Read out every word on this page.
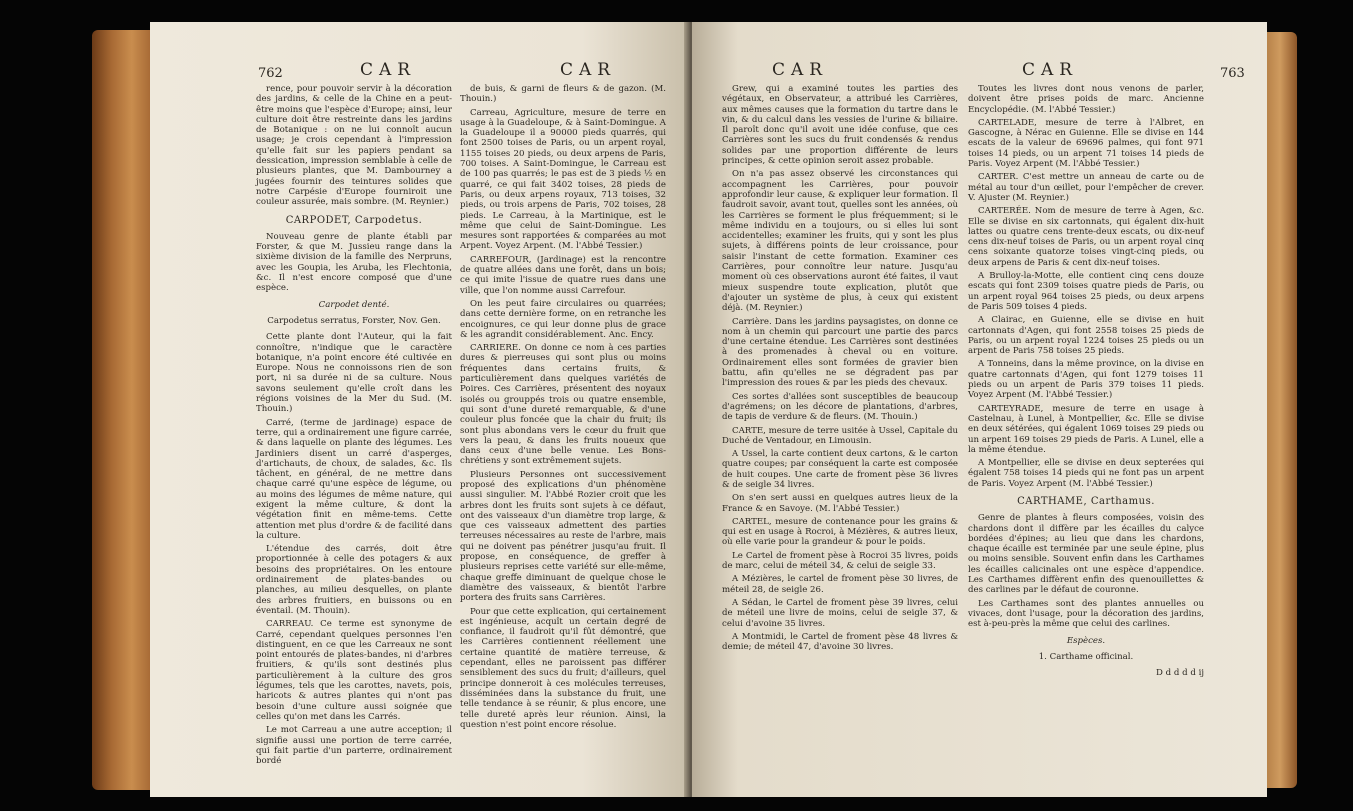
762	CAR	CAR

rence, pour pouvoir servir à la décoration des jardins, & celle de la Chine en a peut-être moins que l'espèce d'Europe; ainsi, leur culture doit être restreinte dans les jardins de Botanique : on ne lui connoît aucun usage; je crois cependant à l'impression qu'elle fait sur les papiers pendant sa dessication, impression semblable à celle de plusieurs plantes, que M. Dambourney a jugées fournir des teintures solides que notre Carpésie d'Europe fourniroit une couleur assurée, mais sombre. (M. Reynier.)

CARPODET, Carpodetus.

Nouveau genre de plante établi par Forster, & que M. Jussieu range dans la sixième division de la famille des Nerpruns, avec les Goupia, les Aruba, les Flechtonia, &c. Il n'est encore composé que d'une espèce.

Carpodet denté.

Carpodetus serratus, Forster, Nov. Gen.

Cette plante dont l'Auteur, qui la fait connoître, n'indique que le caractère botanique, n'a point encore été cultivée en Europe. Nous ne connoissons rien de son port, ni sa durée ni de sa culture. Nous savons seulement qu'elle croît dans les régions voisines de la Mer du Sud. (M. Thouin.)

Carré, (terme de jardinage) espace de terre, qui a ordinairement une figure carrée, & dans laquelle on plante des légumes. Les Jardiniers disent un carré d'asperges, d'artichauts, de choux, de salades, &c. Ils tâchent, en général, de ne mettre dans chaque carré qu'une espèce de légume, ou au moins des légumes de même nature, qui exigent la même culture, & dont la végétation finit en même-tems. Cette attention met plus d'ordre & de facilité dans la culture.

L'étendue des carrés, doit être proportionnée à celle des potagers & aux besoins des propriétaires. On les entoure ordinairement de plates-bandes ou planches, au milieu desquelles, on plante des arbres fruitiers, en buissons ou en éventail. (M. Thouin).

CARREAU. Ce terme est synonyme de Carré, cependant quelques personnes l'en distinguent, en ce que les Carreaux ne sont point entourés de plates-bandes, ni d'arbres fruitiers, & qu'ils sont destinés plus particulièrement à la culture des gros légumes, tels que les carottes, navets, pois, haricots & autres plantes qui n'ont pas besoin d'une culture aussi soignée que celles qu'on met dans les Carrés.

Le mot Carreau a une autre acception; il signifie aussi une portion de terre carrée, qui fait partie d'un parterre, ordinairement bordé

de buis, & garni de fleurs & de gazon. (M. Thouin.)

Carreau, Agriculture, mesure de terre en usage à la Guadeloupe, & à Saint-Domingue. A la Guadeloupe il a 90000 pieds quarrés, qui font 2500 toises de Paris, ou un arpent royal, 1155 toises 20 pieds, ou deux arpens de Paris, 700 toises. A Saint-Domingue, le Carreau est de 100 pas quarrés; le pas est de 3 pieds ½ en quarré, ce qui fait 3402 toises, 28 pieds de Paris, ou deux arpens royaux, 713 toises, 32 pieds, ou trois arpens de Paris, 702 toises, 28 pieds. Le Carreau, à la Martinique, est le même que celui de Saint-Domingue. Les mesures sont rapportées & comparées au mot Arpent. Voyez Arpent. (M. l'Abbé Tessier.)

CARREFOUR, (Jardinage) est la rencontre de quatre allées dans une forêt, dans un bois; ce qui imite l'issue de quatre rues dans une ville, que l'on nomme aussi Carrefour.

On les peut faire circulaires ou quarrées; dans cette dernière forme, on en retranche les encoignures, ce qui leur donne plus de grace & les agrandit considérablement. Anc. Ency.

CARRIERE. On donne ce nom à ces parties dures & pierreuses qui sont plus ou moins fréquentes dans certains fruits, & particulièrement dans quelques variétés de Poires. Ces Carrières, présentent des noyaux isolés ou grouppés trois ou quatre ensemble, qui sont d'une dureté remarquable, & d'une couleur plus foncée que la chair du fruit; ils sont plus abondans vers le cœur du fruit que vers la peau, & dans les fruits noueux que dans ceux d'une belle venue. Les Bons-chrétiens y sont extrêmement sujets.

Plusieurs Personnes ont successivement proposé des explications d'un phénomène aussi singulier. M. l'Abbé Rozier croit que les arbres dont les fruits sont sujets à ce défaut, ont des vaisseaux d'un diamètre trop large, & que ces vaisseaux admettent des parties terreuses nécessaires au reste de l'arbre, mais qui ne doivent pas pénétrer jusqu'au fruit. Il propose, en conséquence, de greffer à plusieurs reprises cette variété sur elle-même, chaque greffe diminuant de quelque chose le diamètre des vaisseaux, & bientôt l'arbre portera des fruits sans Carrières.

Pour que cette explication, qui certainement est ingénieuse, acquît un certain degré de confiance, il faudroit qu'il fût démontré, que les Carrières contiennent réellement une certaine quantité de matière terreuse, & cependant, elles ne paroissent pas différer sensiblement des sucs du fruit; d'ailleurs, quel principe donneroit à ces molécules terreuses, disséminées dans la substance du fruit, une telle tendance à se réunir, & plus encore, une telle dureté après leur réunion. Ainsi, la question n'est point encore résolue.

CAR	CAR	763

Grew, qui a examiné toutes les parties des végétaux, en Observateur, a attribué les Carrières, aux mêmes causes que la formation du tartre dans le vin, & du calcul dans les vessies de l'urine & biliaire. Il paroît donc qu'il avoit une idée confuse, que ces Carrières sont les sucs du fruit condensés & rendus solides par une proportion différente de leurs principes, & cette opinion seroit assez probable.

On n'a pas assez observé les circonstances qui accompagnent les Carrières, pour pouvoir approfondir leur cause, & expliquer leur formation. Il faudroit savoir, avant tout, quelles sont les années, où les Carrières se forment le plus fréquemment; si le même individu en a toujours, ou si elles lui sont accidentelles; examiner les fruits, qui y sont les plus sujets, à différens points de leur croissance, pour saisir l'instant de cette formation. Examiner ces Carrières, pour connoître leur nature. Jusqu'au moment où ces observations auront été faites, il vaut mieux suspendre toute explication, plutôt que d'ajouter un système de plus, à ceux qui existent déjà. (M. Reynier.)

Carrière. Dans les jardins paysagistes, on donne ce nom à un chemin qui parcourt une partie des parcs d'une certaine étendue. Les Carrières sont destinées à des promenades à cheval ou en voiture. Ordinairement elles sont formées de gravier bien battu, afin qu'elles ne se dégradent pas par l'impression des roues & par les pieds des chevaux.

Ces sortes d'allées sont susceptibles de beaucoup d'agrémens; on les décore de plantations, d'arbres, de tapis de verdure & de fleurs. (M. Thouin.)

CARTE, mesure de terre usitée à Ussel, Capitale du Duché de Ventadour, en Limousin.

A Ussel, la carte contient deux cartons, & le carton quatre coupes; par conséquent la carte est composée de huit coupes. Une carte de froment pèse 36 livres & de seigle 34 livres.

On s'en sert aussi en quelques autres lieux de la France & en Savoye. (M. l'Abbé Tessier.)

CARTEL, mesure de contenance pour les grains & qui est en usage à Rocroi, à Mézières, & autres lieux, où elle varie pour la grandeur & pour le poids.

Le Cartel de froment pèse à Rocroi 35 livres, poids de marc, celui de méteil 34, & celui de seigle 33.

A Mézières, le cartel de froment pèse 30 livres, de méteil 28, de seigle 26.

A Sédan, le Cartel de froment pèse 39 livres, celui de méteil une livre de moins, celui de seigle 37, & celui d'avoine 35 livres.

A Montmidi, le Cartel de froment pèse 48 livres & demie; de méteil 47, d'avoine 30 livres.

Toutes les livres dont nous venons de parler, doivent être prises poids de marc. Ancienne Encyclopédie. (M. l'Abbé Tessier.)

CARTELADE, mesure de terre à l'Albret, en Gascogne, à Nérac en Guienne. Elle se divise en 144 escats de la valeur de 69696 palmes, qui font 971 toises 14 pieds, ou un arpent 71 toises 14 pieds de Paris. Voyez Arpent (M. l'Abbé Tessier.)

CARTER. C'est mettre un anneau de carte ou de métal au tour d'un œillet, pour l'empêcher de crever. V. Ajuster (M. Reynier.)

CARTERÉE. Nom de mesure de terre à Agen, &c. Elle se divise en six cartonnats, qui égalent dix-huit lattes ou quatre cens trente-deux escats, ou dix-neuf cens dix-neuf toises de Paris, ou un arpent royal cinq cens soixante quatorze toises vingt-cinq pieds, ou deux arpens de Paris & cent dix-neuf toises.

A Brulloy-la-Motte, elle contient cinq cens douze escats qui font 2309 toises quatre pieds de Paris, ou un arpent royal 964 toises 25 pieds, ou deux arpens de Paris 509 toises 4 pieds.

A Clairac, en Guienne, elle se divise en huit cartonnats d'Agen, qui font 2558 toises 25 pieds de Paris, ou un arpent royal 1224 toises 25 pieds ou un arpent de Paris 758 toises 25 pieds.

A Tonneins, dans la même province, on la divise en quatre cartonnats d'Agen, qui font 1279 toises 11 pieds ou un arpent de Paris 379 toises 11 pieds. Voyez Arpent (M. l'Abbé Tessier.)

CARTEYRADE, mesure de terre en usage à Castelnau, à Lunel, à Montpellier, &c. Elle se divise en deux sétérées, qui égalent 1069 toises 29 pieds ou un arpent 169 toises 29 pieds de Paris. A Lunel, elle a la même étendue.

A Montpellier, elle se divise en deux septerées qui égalent 758 toises 14 pieds qui ne font pas un arpent de Paris. Voyez Arpent (M. l'Abbé Tessier.)

CARTHAME, Carthamus.

Genre de plantes à fleurs composées, voisin des chardons dont il diffère par les écailles du calyce bordées d'épines; au lieu que dans les chardons, chaque écaille est terminée par une seule épine, plus ou moins sensible. Souvent enfin dans les Carthames les écailles calicinales ont une espèce d'appendice. Les Carthames diffèrent enfin des quenouillettes & des carlines par le défaut de couronne.

Les Carthames sont des plantes annuelles ou vivaces, dont l'usage, pour la décoration des jardins, est à-peu-près la même que celui des carlines.

Espèces.

1. Carthame officinal.

D d d d d ij
